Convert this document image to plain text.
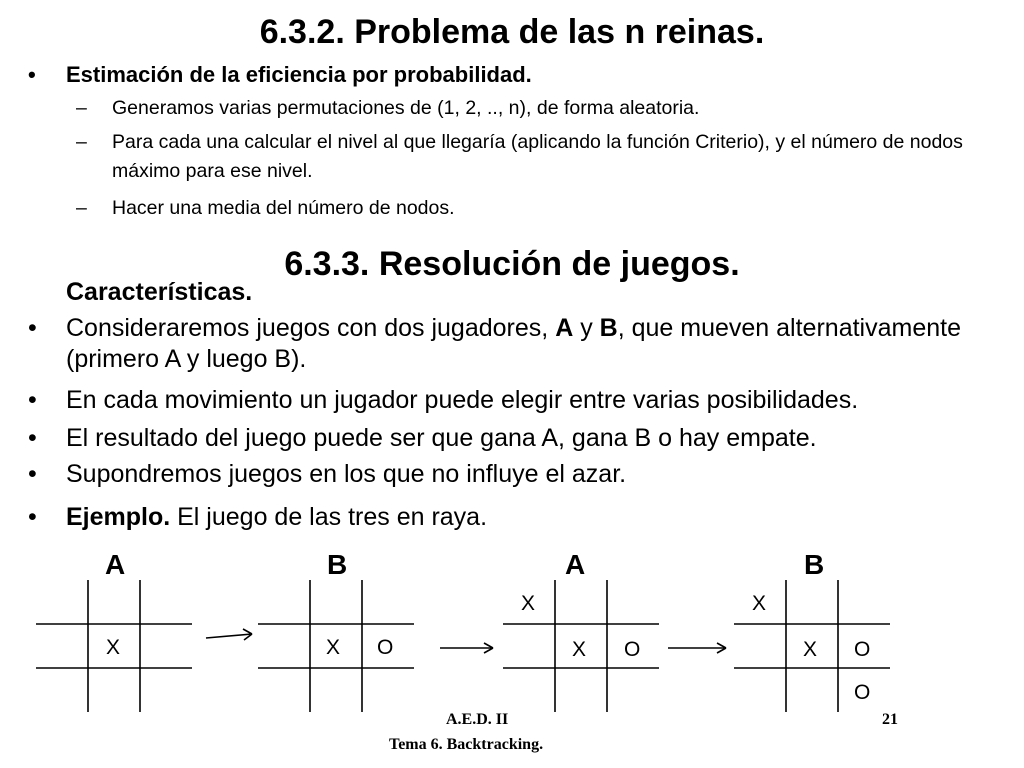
6.3.2. Problema de las n reinas.
• Estimación de la eficiencia por probabilidad.
– Generamos varias permutaciones de (1, 2, .., n), de forma aleatoria.
– Para cada una calcular el nivel al que llegaría (aplicando la función Criterio), y el número de nodos máximo para ese nivel.
– Hacer una media del número de nodos.
6.3.3. Resolución de juegos.
Características.
• Consideraremos juegos con dos jugadores, A y B, que mueven alternativamente (primero A y luego B).
• En cada movimiento un jugador puede elegir entre varias posibilidades.
• El resultado del juego puede ser que gana A, gana B o hay empate.
• Supondremos juegos en los que no influye el azar.
• Ejemplo. El juego de las tres en raya.
A	B	A	B
X	X O
X
X O
X
X O
O
A.E.D. II	21
Tema 6. Backtracking.
